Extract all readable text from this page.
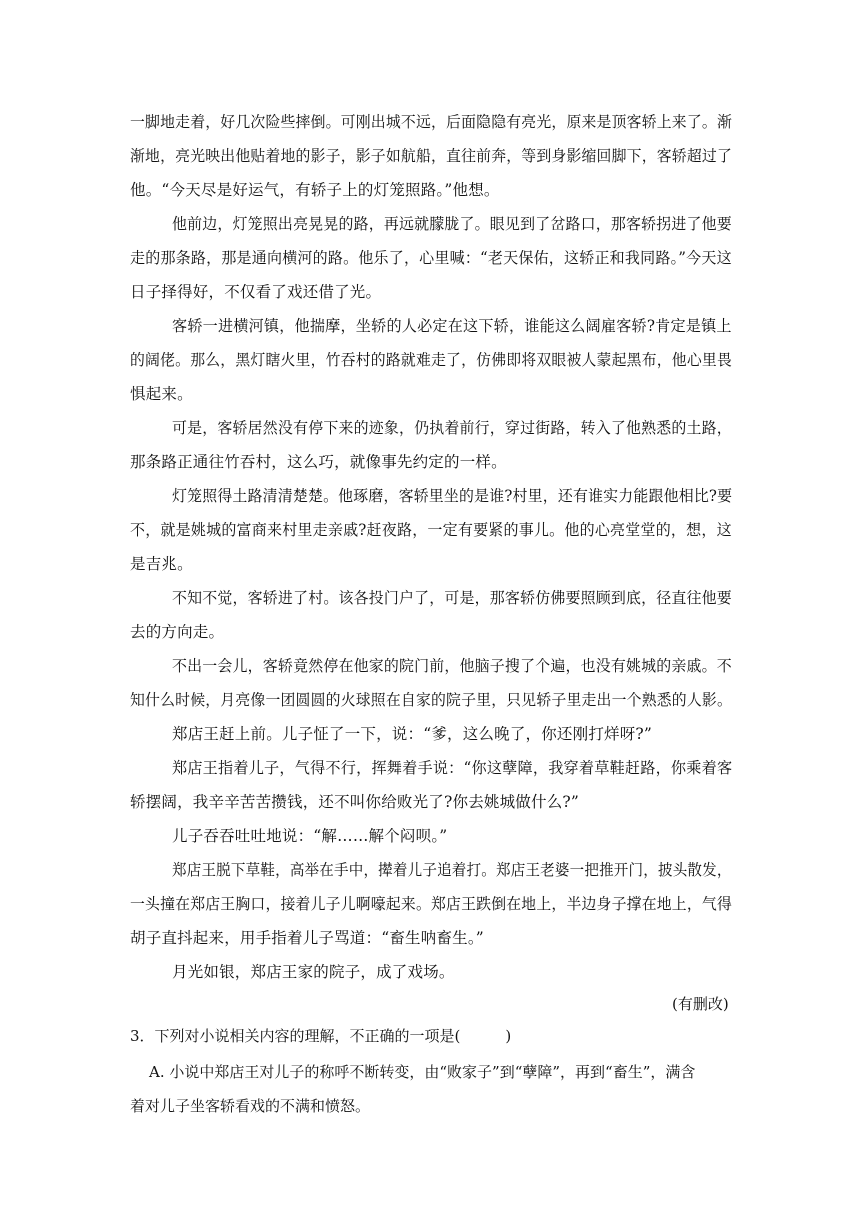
一脚地走着，好几次险些摔倒。可刚出城不远，后面隐隐有亮光，原来是顶客轿上来了。渐
渐地，亮光映出他贴着地的影子，影子如航船，直往前奔，等到身影缩回脚下，客轿超过了
他。“今天尽是好运气，有轿子上的灯笼照路。”他想。
他前边，灯笼照出亮晃晃的路，再远就朦胧了。眼见到了岔路口，那客轿拐进了他要
走的那条路，那是通向横河的路。他乐了，心里喊：“老天保佑，这轿正和我同路。”今天这
日子择得好，不仅看了戏还借了光。
客轿一进横河镇，他揣摩，坐轿的人必定在这下轿，谁能这么阔雇客轿?肯定是镇上
的阔佬。那么，黑灯瞎火里，竹吞村的路就难走了，仿佛即将双眼被人蒙起黑布，他心里畏
惧起来。
可是，客轿居然没有停下来的迹象，仍执着前行，穿过街路，转入了他熟悉的土路，
那条路正通往竹吞村，这么巧，就像事先约定的一样。
灯笼照得土路清清楚楚。他琢磨，客轿里坐的是谁?村里，还有谁实力能跟他相比?要
不，就是姚城的富商来村里走亲戚?赶夜路，一定有要紧的事儿。他的心亮堂堂的，想，这
是吉兆。
不知不觉，客轿进了村。该各投门户了，可是，那客轿仿佛要照顾到底，径直往他要
去的方向走。
不出一会儿，客轿竟然停在他家的院门前，他脑子搜了个遍，也没有姚城的亲戚。不
知什么时候，月亮像一团圆圆的火球照在自家的院子里，只见轿子里走出一个熟悉的人影。
郑店王赶上前。儿子怔了一下，说：“爹，这么晚了，你还刚打烊呀?”
郑店王指着儿子，气得不行，挥舞着手说：“你这孽障，我穿着草鞋赶路，你乘着客
轿摆阔，我辛辛苦苦攒钱，还不叫你给败光了?你去姚城做什么?”
儿子吞吞吐吐地说：“解……解个闷呗。”
郑店王脱下草鞋，高举在手中，撵着儿子追着打。郑店王老婆一把推开门，披头散发，
一头撞在郑店王胸口，接着儿子儿啊嚎起来。郑店王跌倒在地上，半边身子撑在地上，气得
胡子直抖起来，用手指着儿子骂道：“畜生呐畜生。”
月光如银，郑店王家的院子，成了戏场。
(有删改)
3．下列对小说相关内容的理解，不正确的一项是(　　　)
A. 小说中郑店王对儿子的称呼不断转变，由“败家子”到“孽障”，再到“畜生”，满含
着对儿子坐客轿看戏的不满和愤怒。
